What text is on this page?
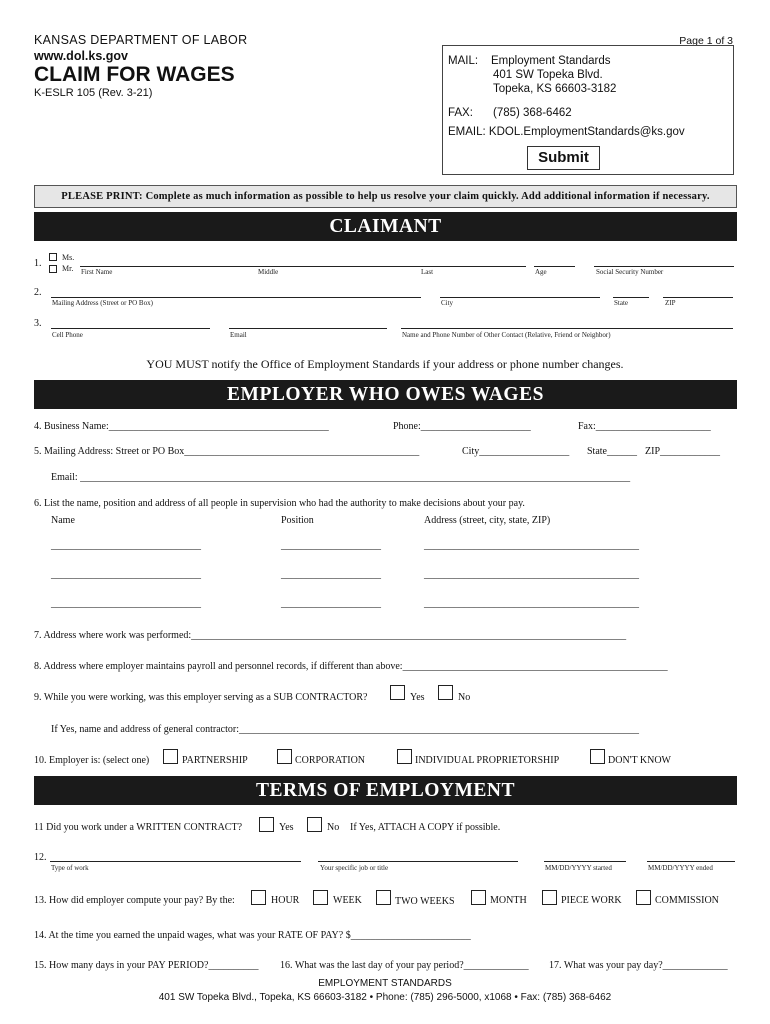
KANSAS DEPARTMENT OF LABOR
www.dol.ks.gov
CLAIM FOR WAGES
K-ESLR 105 (Rev. 3-21)
Page 1 of 3
MAIL: Employment Standards
401 SW Topeka Blvd.
Topeka, KS 66603-3182
FAX: (785) 368-6462
EMAIL: KDOL.EmploymentStandards@ks.gov
Submit
PLEASE PRINT: Complete as much information as possible to help us resolve your claim quickly. Add additional information if necessary.
CLAIMANT
1.
Ms.
Mr. First Name	Middle	Last	Age	Social Security Number
2.
Mailing Address (Street or PO Box)	City	State	ZIP
3.
Cell Phone	Email	Name and Phone Number of Other Contact (Relative, Friend or Neighbor)
YOU MUST notify the Office of Employment Standards if your address or phone number changes.
EMPLOYER WHO OWES WAGES
4. Business Name:____________________________________________	Phone:______________________	Fax:_______________________
5. Mailing Address: Street or PO Box_______________________________________________	City__________________ State______ ZIP____________
Email: ______________________________________________________________________________________________________________
6. List the name, position and address of all people in supervision who had the authority to make decisions about your pay.
Name	Position	Address (street, city, state, ZIP)
______________________________	____________________	___________________________________________
______________________________	____________________	___________________________________________
______________________________	____________________	___________________________________________
7. Address where work was performed:_______________________________________________________________________________________
8. Address where employer maintains payroll and personnel records, if different than above:_____________________________________________________
9. While you were working, was this employer serving as a SUB CONTRACTOR?	Yes	No
If Yes, name and address of general contractor:________________________________________________________________________________
10. Employer is: (select one)	PARTNERSHIP	CORPORATION	INDIVIDUAL PROPRIETORSHIP	DON'T KNOW
TERMS OF EMPLOYMENT
11 Did you work under a WRITTEN CONTRACT?	Yes	No If Yes, ATTACH A COPY if possible.
12.
Type of work	Your specific job or title	MM/DD/YYYY started	MM/DD/YYYY ended
13. How did employer compute your pay? By the:	HOUR	WEEK	TWO WEEKS	MONTH	PIECE WORK	COMMISSION
14. At the time you earned the unpaid wages, what was your RATE OF PAY? $________________________
15. How many days in your PAY PERIOD?__________ 16. What was the last day of your pay period?_____________ 17. What was your pay day?_____________
EMPLOYMENT STANDARDS
401 SW Topeka Blvd., Topeka, KS 66603-3182 • Phone: (785) 296-5000, x1068 • Fax: (785) 368-6462
